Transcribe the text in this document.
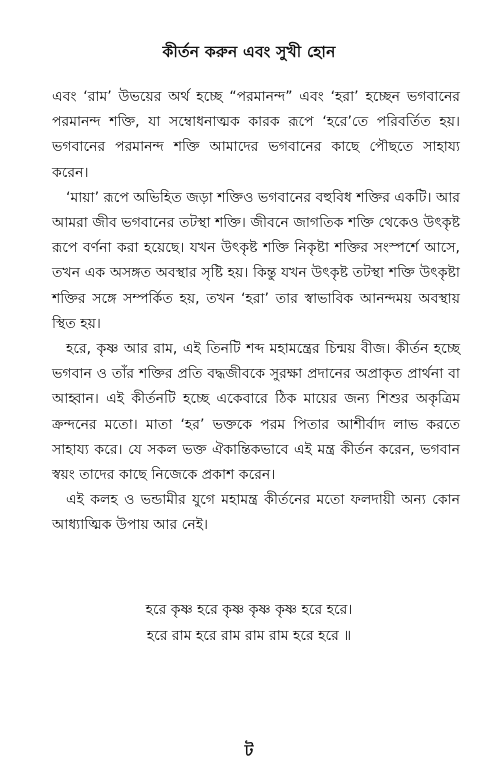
কীর্তন করুন এবং সুখী হোন

এবং ‘রাম’ উভয়ের অর্থ হচ্ছে “পরমানন্দ” এবং ‘হরা’ হচ্ছেন ভগবানের পরমানন্দ শক্তি, যা সম্বোধনাত্মক কারক রূপে ‘হরে’তে পরিবর্তিত হয়। ভগবানের পরমানন্দ শক্তি আমাদের ভগবানের কাছে পৌছতে সাহায্য করেন।

‘মায়া’ রূপে অভিহিত জড়া শক্তিও ভগবানের বহুবিধ শক্তির একটি। আর আমরা জীব ভগবানের তটস্থা শক্তি। জীবনে জাগতিক শক্তি থেকেও উৎকৃষ্ট রূপে বর্ণনা করা হয়েছে। যখন উৎকৃষ্ট শক্তি নিকৃষ্টা শক্তির সংস্পর্শে আসে, তখন এক অসঙ্গত অবস্থার সৃষ্টি হয়। কিন্তু যখন উৎকৃষ্ট তটস্থা শক্তি উৎকৃষ্টা শক্তির সঙ্গে সম্পর্কিত হয়, তখন ‘হরা’ তার স্বাভাবিক আনন্দময় অবস্থায় স্থিত হয়।

হরে, কৃষ্ণ আর রাম, এই তিনটি শব্দ মহামন্ত্রের চিন্ময় বীজ। কীর্তন হচ্ছে ভগবান ও তাঁর শক্তির প্রতি বদ্ধজীবকে সুরক্ষা প্রদানের অপ্রাকৃত প্রার্থনা বা আহ্বান। এই কীর্তনটি হচ্ছে একেবারে ঠিক মায়ের জন্য শিশুর অকৃত্রিম ক্রন্দনের মতো। মাতা ‘হর’ ভক্তকে পরম পিতার আশীর্বাদ লাভ করতে সাহায্য করে। যে সকল ভক্ত ঐকান্তিকভাবে এই মন্ত্র কীর্তন করেন, ভগবান স্বয়ং তাদের কাছে নিজেকে প্রকাশ করেন।

এই কলহ ও ভন্ডামীর যুগে মহামন্ত্র কীর্তনের মতো ফলদায়ী অন্য কোন আধ্যাত্মিক উপায় আর নেই।

হরে কৃষ্ণ হরে কৃষ্ণ কৃষ্ণ কৃষ্ণ হরে হরে।
হরে রাম হরে রাম রাম রাম হরে হরে ॥
ট
